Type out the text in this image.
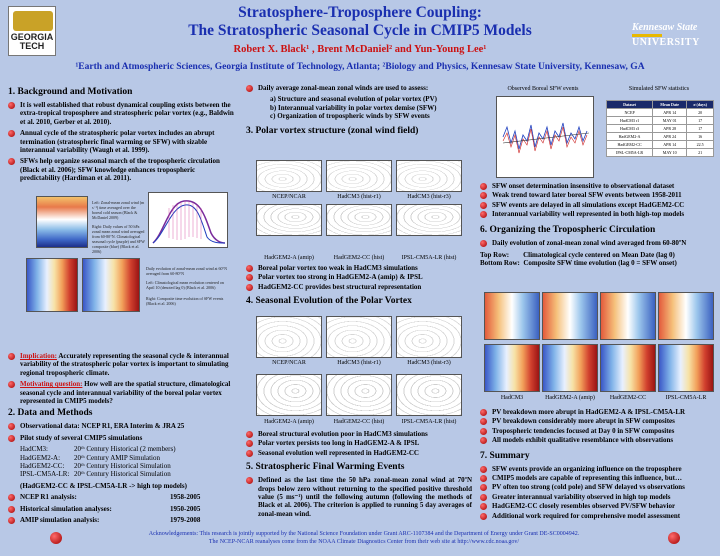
GEORGIA
TECH
Stratosphere-Troposphere Coupling:
The Stratospheric Seasonal Cycle in CMIP5 Models
Robert X. Black¹ , Brent McDaniel² and Yun-Young Lee¹
¹Earth and Atmospheric Sciences, Georgia Institute of Technology, Atlanta; ²Biology and Physics, Kennesaw State University, Kennesaw, GA
Kennesaw State
UNIVERSITY
1. Background and Motivation
It is well established that robust dynamical coupling exists between the extra-tropical troposphere and stratospheric polar vortex (e.g., Baldwin et al. 2010, Gerber et al. 2010).
Annual cycle of the stratospheric polar vortex includes an abrupt termination (stratospheric final warming or SFW) with sizable interannual variability (Waugh et al. 1999).
SFWs help organize seasonal march of the tropospheric circulation (Black et al. 2006); SFW knowledge enhances tropospheric predictability (Hardiman et al. 2011).
Left: Zonal-mean zonal wind (m s⁻¹) time averaged over the boreal cold season (Black & McDaniel 2009)
Right: Daily values of 50 hPa zonal mean zonal wind averaged from 60-80°N. Climatological seasonal cycle (purple) and SFW composite (blue) (Black et al. 2006)
Daily evolution of zonal-mean zonal wind at 60°N averaged from 60-80°N
Left: Climatological mean evolution centered on April 10 (denoted lag 0) (Black et al. 2006)
Right: Composite time evolution of SFW events (Black et al. 2006)
Implication: Accurately representing the seasonal cycle & interannual variability of the stratospheric polar vortex is important to simulating regional tropospheric climate.
Motivating question: How well are the spatial structure, climatological seasonal cycle and interannual variability of the boreal polar vortex represented in CMIP5 models?
2. Data and Methods
Observational data: NCEP R1, ERA Interim & JRA 25
Pilot study of several CMIP5 simulations
HadCM3:	20ᵗʰ Century Historical (2 members)
HadGEM2-A:	20ᵗʰ Century AMIP Simulation
HadGEM2-CC:	20ᵗʰ Century Historical Simulation
IPSL-CM5A-LR: 20ᵗʰ Century Historical Simulation
(HadGEM2-CC & IPSL-CM5A-LR -> high top models)
NCEP R1 analysis:	1958-2005
Historical simulation analyses:	1950-2005
AMIP simulation analysis:	1979-2008
Daily average zonal-mean zonal winds are used to assess:
a) Structure and seasonal evolution of polar vortex (PV)
b) Interannual variability in polar vortex demise (SFW)
c) Organization of tropospheric winds by SFW events
3. Polar vortex structure (zonal wind field)
NCEP/NCAR	HadCM3 (hist-r1)	HadCM3 (hist-r3)
HadGEM2-A (amip)	HadGEM2-CC (hist)	IPSL-CM5A-LR (hist)
Boreal polar vortex too weak in HadCM3 simulations
Polar vortex too strong in HadGEM2-A (amip) & IPSL
HadGEM2-CC provides best structural representation
4. Seasonal Evolution of the Polar Vortex
NCEP/NCAR	HadCM3 (hist-r1)	HadCM3 (hist-r3)
HadGEM2-A (amip)	HadGEM2-CC (hist)	IPSL-CM5A-LR (hist)
Boreal structural evolution poor in HadCM3 simulations
Polar vortex persists too long in HadGEM2-A & IPSL
Seasonal evolution well represented in HadGEM2-CC
5. Stratospheric Final Warming Events
Defined as the last time the 50 hPa zonal-mean zonal wind at 70ºN drops below zero without returning to the specified positive threshold value (5 ms⁻¹) until the following autumn (following the methods of Black et al. 2006). The criterion is applied to running 5 day averages of zonal-mean wind.
Observed Boreal SFW events	Simulated SFW statistics
Dataset	Mean Date	σ (days)
NCEP	APR 14	20
HadCM3 r1	MAY 01	17
HadCM3 r3	APR 28	17
HadGEM2-A	APR 24	16
HadGEM2-CC	APR 14	22.5
IPSL-CM5A-LR	MAY 10	21
SFW onset determination insensitive to observational dataset
Weak trend toward later boreal SFW events between 1958-2011
SFW events are delayed in all simulations except HadGEM2-CC
Interannual variability well represented in both high-top models
6. Organizing the Tropospheric Circulation
Daily evolution of zonal-mean zonal wind averaged from 60-80ºN
Top Row:        Climatological cycle centered on Mean Date (lag 0)
Bottom Row:  Composite SFW time evolution (lag 0 = SFW onset)
HadCM3	HadGEM2-A (amip)	HadGEM2-CC	IPSL-CM5A-LR
PV breakdown more abrupt in HadGEM2-A & IPSL-CM5A-LR
PV breakdown considerably more abrupt in SFW composites
Tropospheric tendencies focused at Day 0 in SFW composites
All models exhibit qualitative resemblance with observations
7. Summary
SFW events provide an organizing influence on the troposphere
CMIP5 models are capable of representing this influence, but…
PV often too strong (cold pole) and SFW delayed vs observations
Greater interannual variability observed in high top models
HadGEM2-CC closely resembles observed PV/SFW behavior
Additional work required for comprehensive model assessment
Acknowledgements: This research is jointly supported by the National Science Foundation under Grant ARC-1107384 and the Department of Energy under Grant DE-SC0004942.
The NCEP-NCAR reanalyses come from the NOAA Climate Diagnostics Center from their web site at http://www.cdc.noaa.gov/
